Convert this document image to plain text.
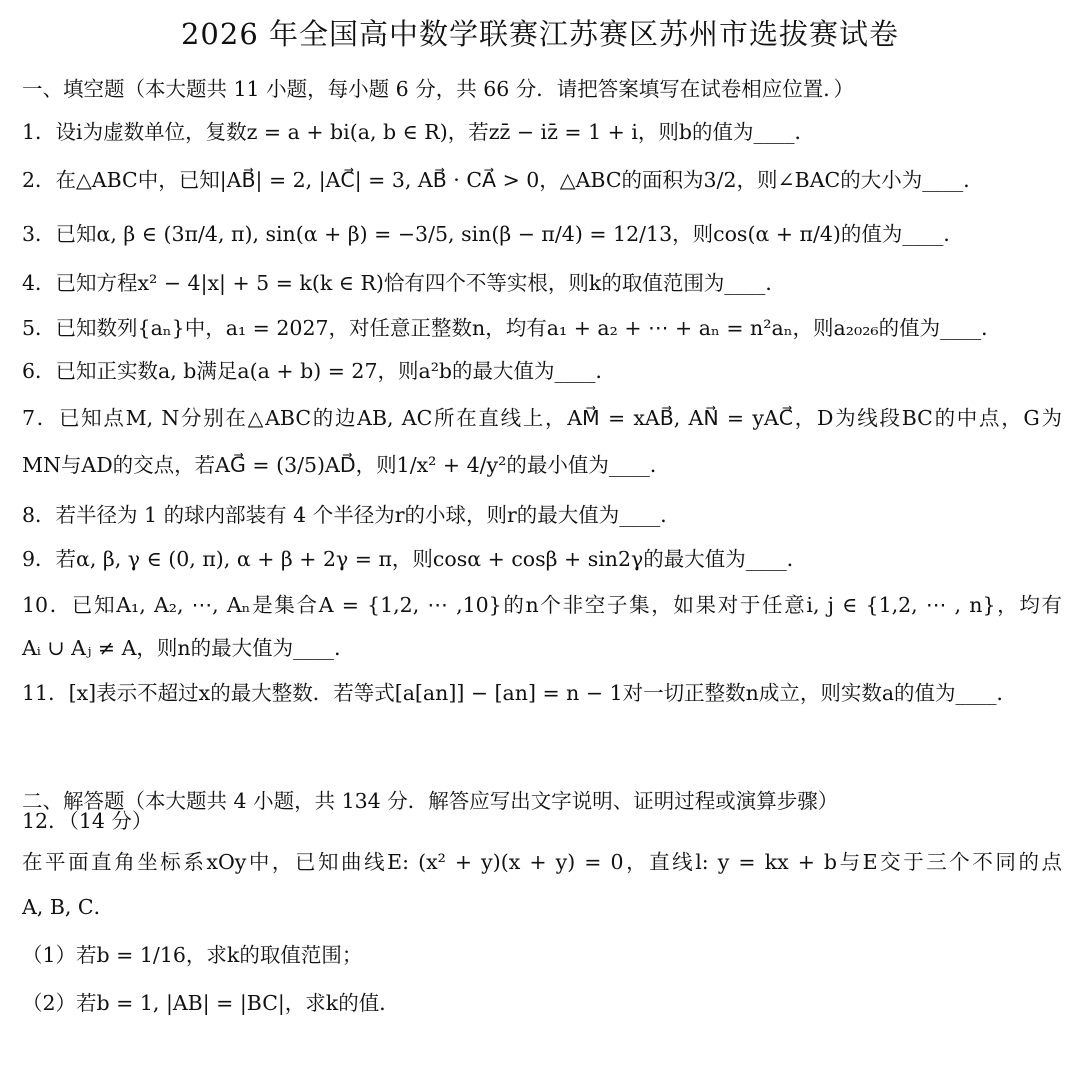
2026 年全国高中数学联赛江苏赛区苏州市选拔赛试卷
一、填空题（本大题共 11 小题，每小题 6 分，共 66 分．请把答案填写在试卷相应位置．）
1．设i为虚数单位，复数z = a + bi(a, b ∈ R)，若zz̄ − iz̄ = 1 + i，则b的值为____．
2．在△ABC中，已知|AB⃗| = 2, |AC⃗| = 3, AB⃗ · CA⃗ > 0，△ABC的面积为3/2，则∠BAC的大小为____．
3．已知α, β ∈ (3π/4, π), sin(α + β) = −3/5, sin(β − π/4) = 12/13，则cos(α + π/4)的值为____．
4．已知方程x² − 4|x| + 5 = k(k ∈ R)恰有四个不等实根，则k的取值范围为____．
5．已知数列{aₙ}中，a₁ = 2027，对任意正整数n，均有a₁ + a₂ + ⋯ + aₙ = n²aₙ，则a₂₀₂₆的值为____．
6．已知正实数a, b满足a(a + b) = 27，则a²b的最大值为____．
7．已知点M, N分别在△ABC的边AB, AC所在直线上，AM⃗ = xAB⃗, AN⃗ = yAC⃗，D为线段BC的中点，G为
MN与AD的交点，若AG⃗ = (3/5)AD⃗，则1/x² + 4/y²的最小值为____．
8．若半径为 1 的球内部装有 4 个半径为r的小球，则r的最大值为____．
9．若α, β, γ ∈ (0, π), α + β + 2γ = π，则cosα + cosβ + sin2γ的最大值为____．
10．已知A₁, A₂, ⋯, Aₙ是集合A = {1,2, ⋯ ,10}的n个非空子集，如果对于任意i, j ∈ {1,2, ⋯ , n}，均有
Aᵢ ∪ Aⱼ ≠ A，则n的最大值为____．
11．[x]表示不超过x的最大整数．若等式[a[an]] − [an] = n − 1对一切正整数n成立，则实数a的值为____．
二、解答题（本大题共 4 小题，共 134 分．解答应写出文字说明、证明过程或演算步骤）
12．（14 分）
在平面直角坐标系xOy中，已知曲线E: (x² + y)(x + y) = 0，直线l: y = kx + b与E交于三个不同的点
A, B, C．
（1）若b = 1/16，求k的取值范围；
（2）若b = 1, |AB| = |BC|，求k的值．
